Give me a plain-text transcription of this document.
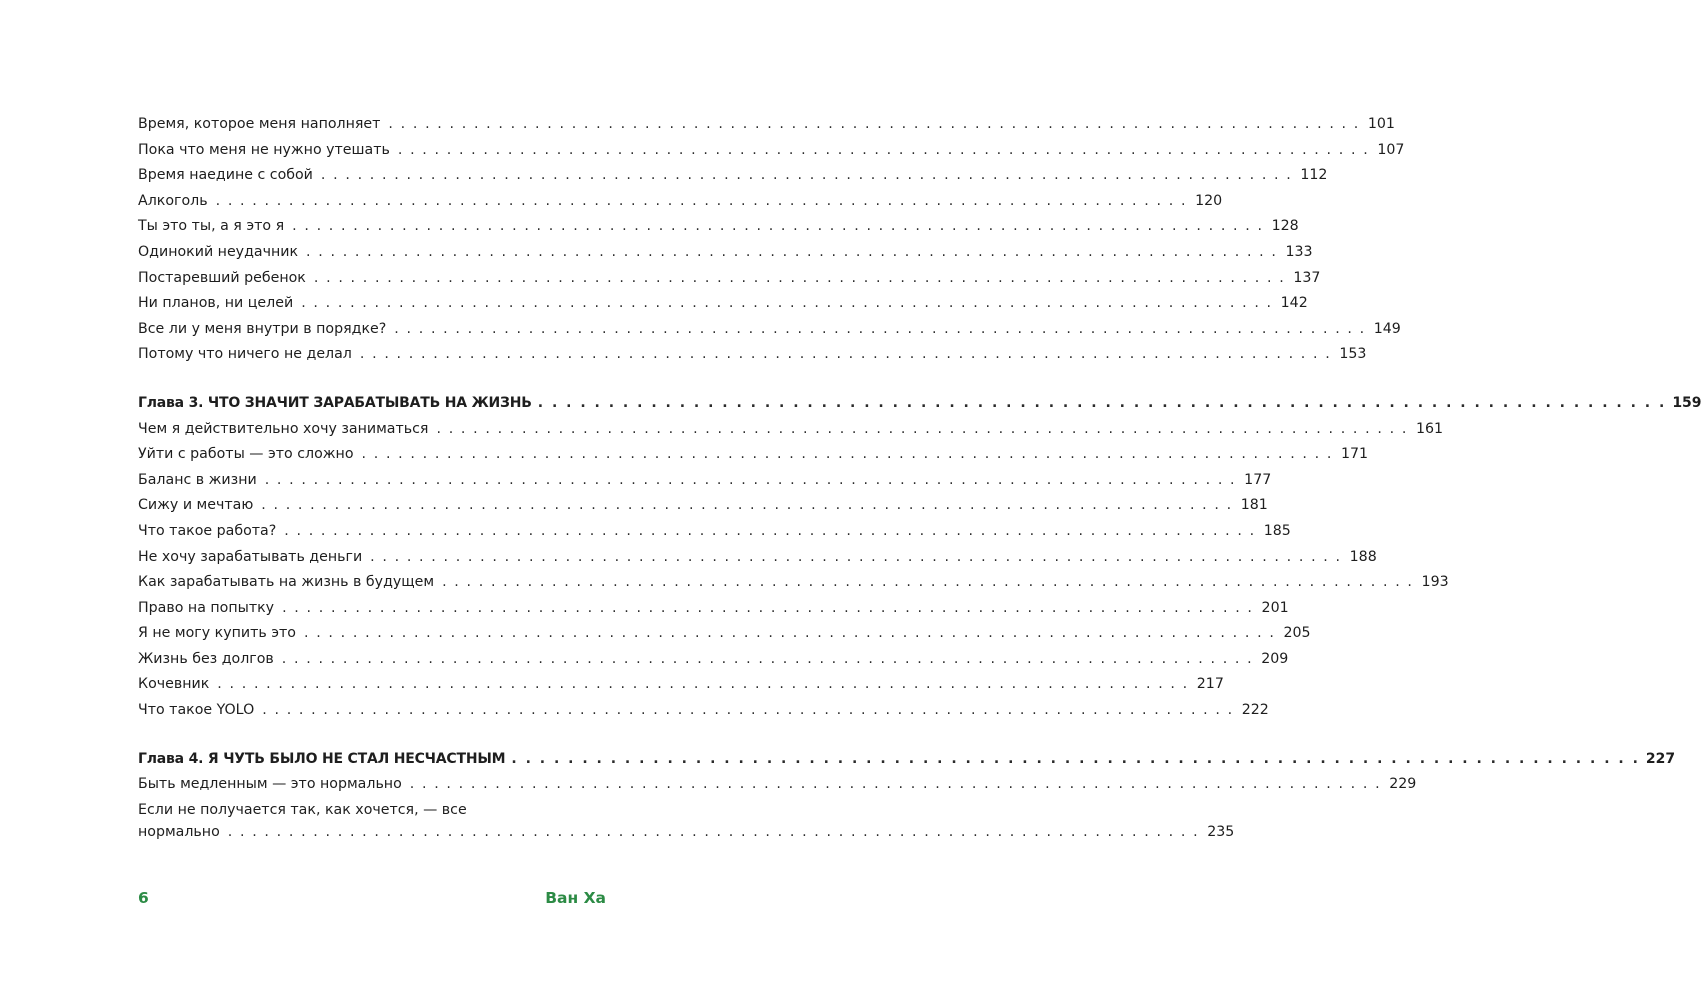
Время, которое меня наполняет . . . . . . . . . . . . . . . . . . . . . . . . . . . . . . . . . . . . . . . . . . . . . . . . . . . . . . . . . . . . . . . . . . . . . . . . . . . . . . . . 101
Пока что меня не нужно утешать . . . . . . . . . . . . . . . . . . . . . . . . . . . . . . . . . . . . . . . . . . . . . . . . . . . . . . . . . . . . . . . . . . . . . . . . . . . . . . . . 107
Время наедине с собой . . . . . . . . . . . . . . . . . . . . . . . . . . . . . . . . . . . . . . . . . . . . . . . . . . . . . . . . . . . . . . . . . . . . . . . . . . . . . . . . 112
Алкоголь . . . . . . . . . . . . . . . . . . . . . . . . . . . . . . . . . . . . . . . . . . . . . . . . . . . . . . . . . . . . . . . . . . . . . . . . . . . . . . . . 120
Ты это ты, а я это я . . . . . . . . . . . . . . . . . . . . . . . . . . . . . . . . . . . . . . . . . . . . . . . . . . . . . . . . . . . . . . . . . . . . . . . . . . . . . . . . 128
Одинокий неудачник . . . . . . . . . . . . . . . . . . . . . . . . . . . . . . . . . . . . . . . . . . . . . . . . . . . . . . . . . . . . . . . . . . . . . . . . . . . . . . . . 133
Постаревший ребенок . . . . . . . . . . . . . . . . . . . . . . . . . . . . . . . . . . . . . . . . . . . . . . . . . . . . . . . . . . . . . . . . . . . . . . . . . . . . . . . . 137
Ни планов, ни целей . . . . . . . . . . . . . . . . . . . . . . . . . . . . . . . . . . . . . . . . . . . . . . . . . . . . . . . . . . . . . . . . . . . . . . . . . . . . . . . . 142
Все ли у меня внутри в порядке? . . . . . . . . . . . . . . . . . . . . . . . . . . . . . . . . . . . . . . . . . . . . . . . . . . . . . . . . . . . . . . . . . . . . . . . . . . . . . . . . 149
Потому что ничего не делал . . . . . . . . . . . . . . . . . . . . . . . . . . . . . . . . . . . . . . . . . . . . . . . . . . . . . . . . . . . . . . . . . . . . . . . . . . . . . . . . 153
Глава 3. ЧТО ЗНАЧИТ ЗАРАБАТЫВАТЬ НА ЖИЗНЬ . . . . . . . . . . . . . . . . . . . . . . . . . . . . . . . . . . . . . . . . . . . . . . . . . . . . . . . . . . . . . . . . . . . . . . . . . . . . . . . . 159
Чем я действительно хочу заниматься . . . . . . . . . . . . . . . . . . . . . . . . . . . . . . . . . . . . . . . . . . . . . . . . . . . . . . . . . . . . . . . . . . . . . . . . . . . . . . . . 161
Уйти с работы — это сложно . . . . . . . . . . . . . . . . . . . . . . . . . . . . . . . . . . . . . . . . . . . . . . . . . . . . . . . . . . . . . . . . . . . . . . . . . . . . . . . . 171
Баланс в жизни . . . . . . . . . . . . . . . . . . . . . . . . . . . . . . . . . . . . . . . . . . . . . . . . . . . . . . . . . . . . . . . . . . . . . . . . . . . . . . . . 177
Сижу и мечтаю . . . . . . . . . . . . . . . . . . . . . . . . . . . . . . . . . . . . . . . . . . . . . . . . . . . . . . . . . . . . . . . . . . . . . . . . . . . . . . . . 181
Что такое работа? . . . . . . . . . . . . . . . . . . . . . . . . . . . . . . . . . . . . . . . . . . . . . . . . . . . . . . . . . . . . . . . . . . . . . . . . . . . . . . . . 185
Не хочу зарабатывать деньги . . . . . . . . . . . . . . . . . . . . . . . . . . . . . . . . . . . . . . . . . . . . . . . . . . . . . . . . . . . . . . . . . . . . . . . . . . . . . . . . 188
Как зарабатывать на жизнь в будущем . . . . . . . . . . . . . . . . . . . . . . . . . . . . . . . . . . . . . . . . . . . . . . . . . . . . . . . . . . . . . . . . . . . . . . . . . . . . . . . . 193
Право на попытку . . . . . . . . . . . . . . . . . . . . . . . . . . . . . . . . . . . . . . . . . . . . . . . . . . . . . . . . . . . . . . . . . . . . . . . . . . . . . . . . 201
Я не могу купить это . . . . . . . . . . . . . . . . . . . . . . . . . . . . . . . . . . . . . . . . . . . . . . . . . . . . . . . . . . . . . . . . . . . . . . . . . . . . . . . . 205
Жизнь без долгов . . . . . . . . . . . . . . . . . . . . . . . . . . . . . . . . . . . . . . . . . . . . . . . . . . . . . . . . . . . . . . . . . . . . . . . . . . . . . . . . 209
Кочевник . . . . . . . . . . . . . . . . . . . . . . . . . . . . . . . . . . . . . . . . . . . . . . . . . . . . . . . . . . . . . . . . . . . . . . . . . . . . . . . . 217
Что такое YOLO . . . . . . . . . . . . . . . . . . . . . . . . . . . . . . . . . . . . . . . . . . . . . . . . . . . . . . . . . . . . . . . . . . . . . . . . . . . . . . . . 222
Глава 4. Я ЧУТЬ БЫЛО НЕ СТАЛ НЕСЧАСТНЫМ . . . . . . . . . . . . . . . . . . . . . . . . . . . . . . . . . . . . . . . . . . . . . . . . . . . . . . . . . . . . . . . . . . . . . . . . . . . . . . . . 227
Быть медленным — это нормально . . . . . . . . . . . . . . . . . . . . . . . . . . . . . . . . . . . . . . . . . . . . . . . . . . . . . . . . . . . . . . . . . . . . . . . . . . . . . . . . 229
Если не получается так, как хочется, — все
нормально . . . . . . . . . . . . . . . . . . . . . . . . . . . . . . . . . . . . . . . . . . . . . . . . . . . . . . . . . . . . . . . . . . . . . . . . . . . . . . . . 235
6	Ван Ха
